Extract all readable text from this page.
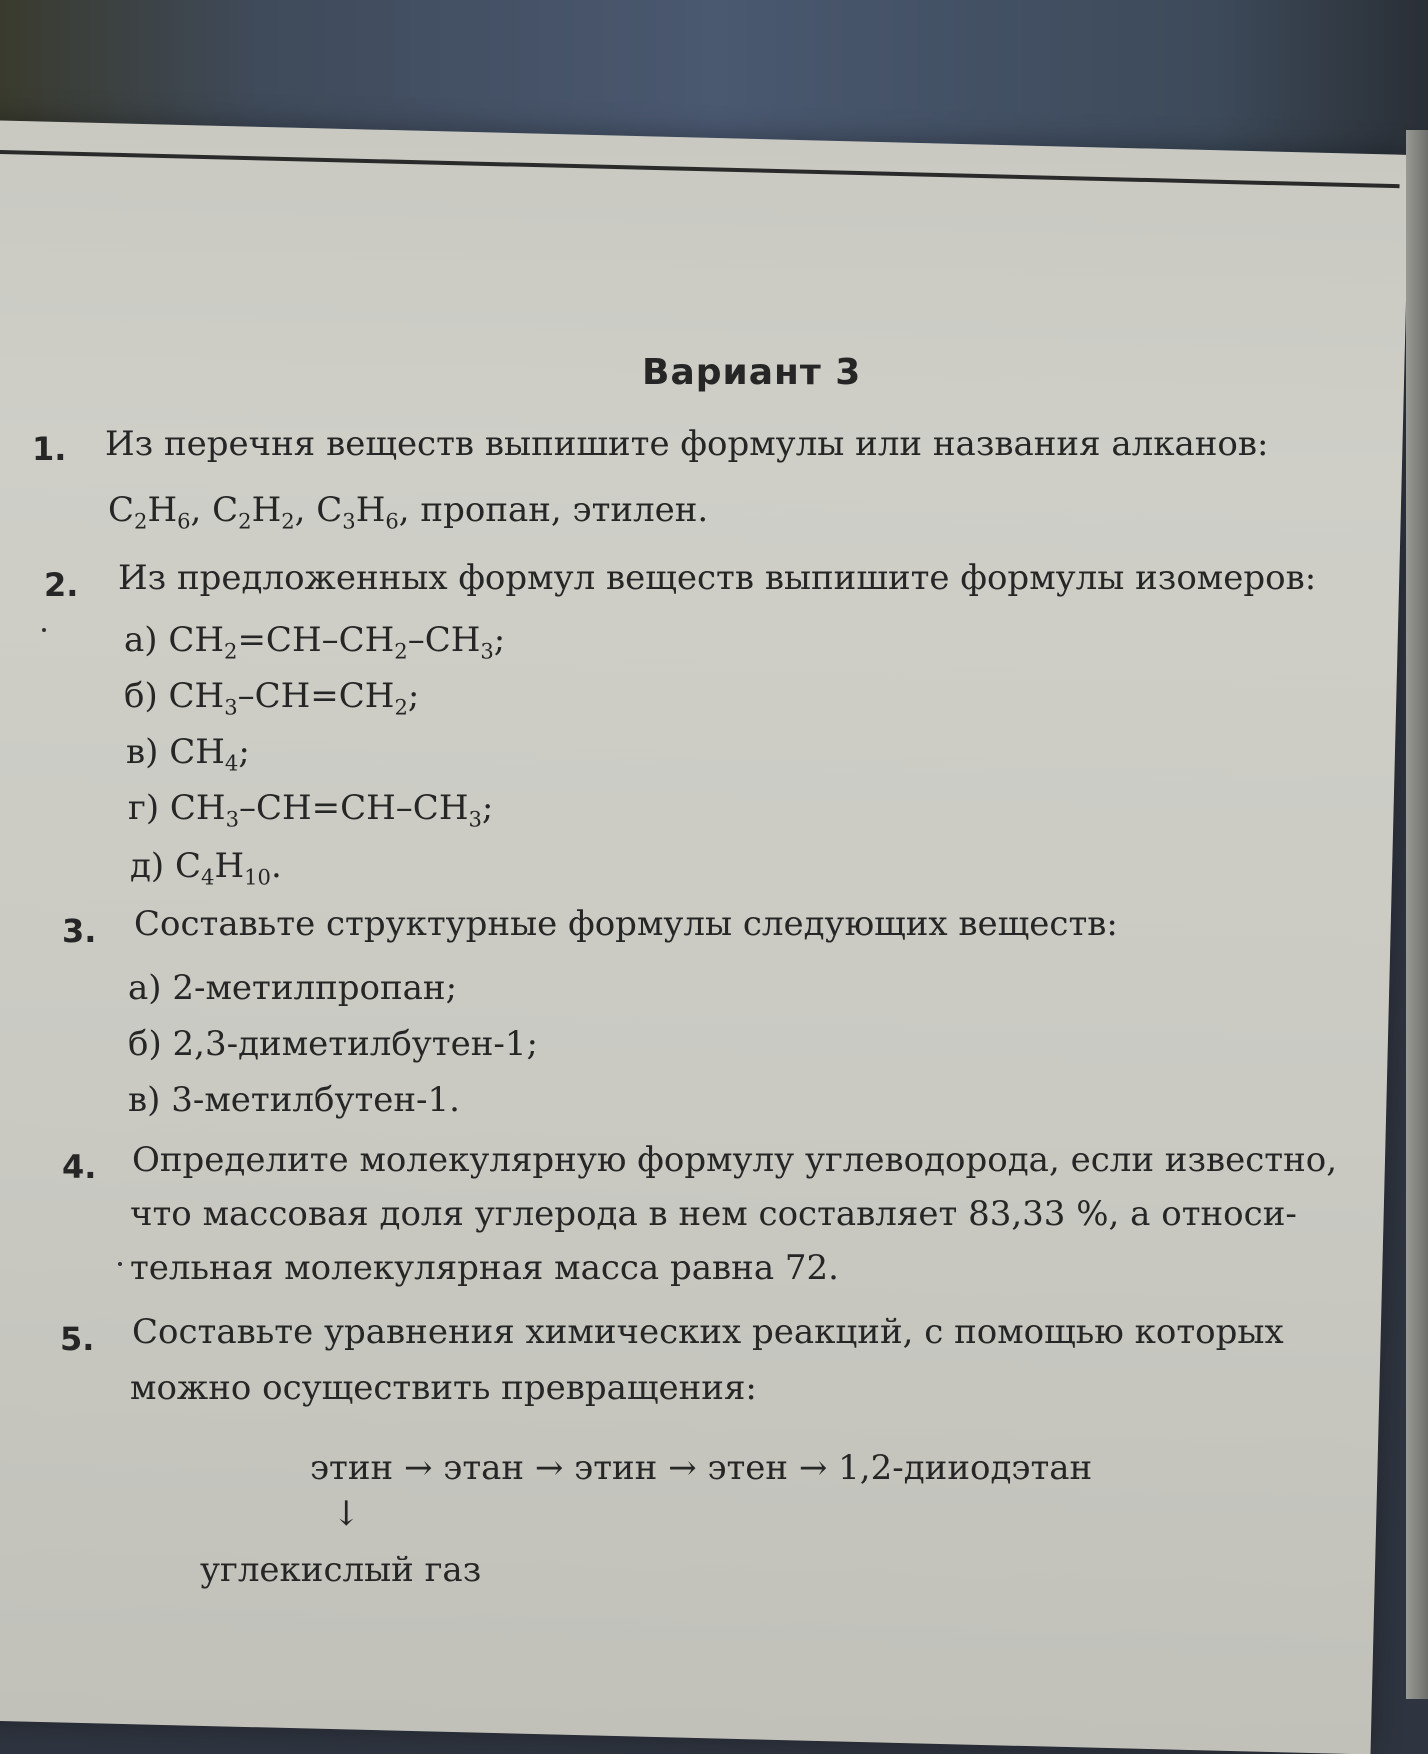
Вариант 3
1. Из перечня веществ выпишите формулы или названия алканов:
$C_2H_6$, $C_2H_2$, $C_3H_6$, пропан, этилен.
2. Из предложенных формул веществ выпишите формулы изомеров:
а) $CH_2=CH-CH_2-CH_3$;
б) $CH_3-CH=CH_2$;
в) $CH_4$;
г) $CH_3-CH=CH-CH_3$;
д) $C_4H_{10}$.
3. Составьте структурные формулы следующих веществ:
а) 2-метилпропан;
б) 2,3-диметилбутен-1;
в) 3-метилбутен-1.
4. Определите молекулярную формулу углеводорода, если известно,
что массовая доля углерода в нем составляет 83,33 %, а относи-
тельная молекулярная масса равна 72.
5. Составьте уравнения химических реакций, с помощью которых
можно осуществить превращения:
этин → этан → этин → этен → 1,2-дииодэтан
↓
углекислый газ
